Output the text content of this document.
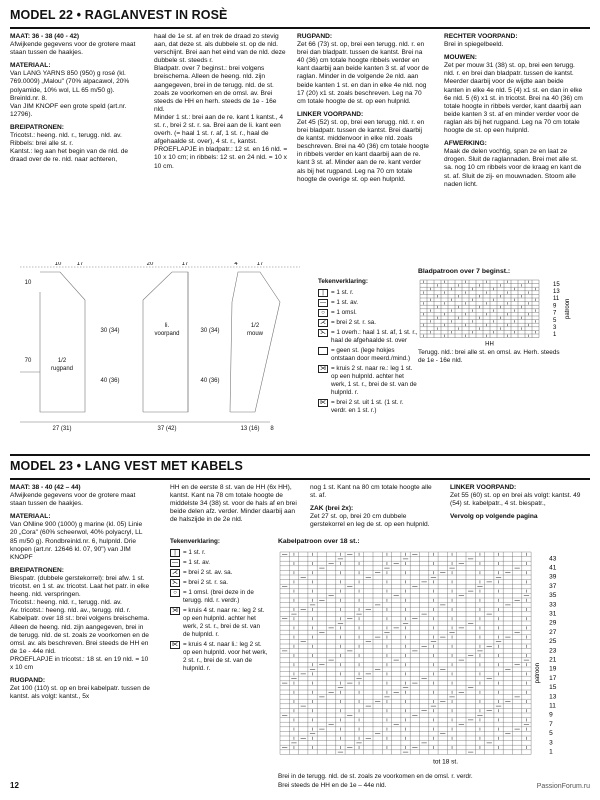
MODEL 22 • RAGLANVEST IN ROSÈ

MAAT: 36 - 38 (40 - 42)

Afwijkende gegevens voor de grotere maat staan tussen de haakjes.

MATERIAAL:

Van LANG YARNS 850 (950) g rosé (kl. 769.0009) „Malou" (70% alpacawol, 20% polyamide, 10% wol, LL 65 m/50 g). Breinld.nr. 8.

Van JIM KNOPF een grote speld (art.nr. 12796).

BREIPATRONEN:

Tricotst.: heeng. nld. r., terugg. nld. av.

Ribbels: brei alle st. r.

Kantst.: leg aan het begin van de nld. de draad over de re. nld. naar achteren,

haal de 1e st. af en trek de draad zo stevig aan, dat deze st. als dubbele st. op de nld. verschijnt. Brei aan het eind van de nld. deze dubbele st. steeds r.

Bladpatr. over 7 beginst.: brei volgens breischema. Alleen de heeng. nld. zijn aangegeven, brei in de terugg. nld. de st. zoals ze voorkomen en de omsl. av. Brei steeds de HH en herh. steeds de 1e - 16e nld.

Minder 1 st.: brei aan de re. kant 1 kantst., 4 st. r., brei 2 st. r. sa. Brei aan de li. kant een overh. (= haal 1 st. r. af, 1 st. r., haal de afgehaalde st. over), 4 st. r., kantst.

PROEFLAPJE in bladpatr.: 12 st. en 16 nld. = 10 x 10 cm; in ribbels: 12 st. en 24 nld. = 10 x 10 cm.

RUGPAND:

Zet 66 (73) st. op, brei een terugg. nld. r. en brei dan bladpatr. tussen de kantst. Brei na 40 (36) cm totale hoogte ribbels verder en kant daarbij aan beide kanten 3 st. af voor de raglan. Minder in de volgende 2e nld. aan beide kanten 1 st. en dan in elke 4e nld. nog 17 (20) x1 st. zoals beschreven. Leg na 70 cm totale hoogte de st. op een hulpnld.

LINKER VOORPAND:

Zet 45 (52) st. op, brei een terugg. nld. r. en brei bladpatr. tussen de kantst. Brei daarbij de kantst. middenvoor in elke nld. zoals beschreven. Brei na 40 (36) cm totale hoogte in ribbels verder en kant daarbij aan de re. kant 3 st. af. Minder aan de re. kant verder als bij het rugpand. Leg na 70 cm totale hoogte de overige st. op een hulpnld.

RECHTER VOORPAND:

Brei in spiegelbeeld.

MOUWEN:

Zet per mouw 31 (38) st. op, brei een terugg. nld. r. en brei dan bladpatr. tussen de kantst. Meerder daarbij voor de wijdte aan beide kanten in elke 4e nld. 5 (4) x1 st. en dan in elke 6e nld. 5 (6) x1 st. in tricotst. Brei na 40 (36) cm totale hoogte in ribbels verder, kant daarbij aan beide kanten 3 st. af en minder verder voor de raglan als bij het rugpand. Leg na 70 cm totale hoogte de st. op een hulpnld.

AFWERKING:

Maak de delen vochtig, span ze en laat ze drogen. Sluit de raglannaden. Brei met alle st. sa. nog 10 cm ribbels voor de kraag en kant de st. af. Sluit de zij- en mouwnaden. Stoom alle naden licht.

1/2
rugpand
li.
voorpand
1/2
mouw
10	17	20	17	4	17
10
70
30 (34)
40 (36)
30 (34)
40 (36)
27 (31)	37 (42)	13 (16) 8
Tekenverklaring:
|	= 1 st. r.
— = 1 st. av.
○ = 1 omsl.
⋌ = brei 2 st. r. sa.
⋋ = 1 overh.: haal 1 st. af, 1 st. r., haal de afgehaalde st. over
= geen st. (lege hokjes ontstaan door meerd./mind.)
⋊ = kruis 2 st. naar re.: leg 1 st. op een hulpnld. achter het werk, 1 st. r., brei de st. van de hulpnld. r.
⋉ = brei 2 st. uit 1 st. (1 st. r. verdr. en 1 st. r.)
Bladpatroon over 7 beginst.:
15
13
11
9
7
5
3
1
patroon
HH
Terugg. nld.: brei alle st. en omsl. av. Herh. steeds de 1e - 16e nld.
MODEL 23 • LANG VEST MET KABELS

MAAT: 38 - 40 (42 – 44)

Afwijkende gegevens voor de grotere maat staan tussen de haakjes.

MATERIAAL:

Van ONline 900 (1000) g marine (kl. 05) Linie 20 „Cora" (60% scheerwol, 40% polyacryl, LL 85 m/50 g). Rondbreinld.nr. 6, hulpnld. Drie knopen (art.nr. 12646 kl. 07, 90") van JIM KNOPF

BREIPATRONEN:

Biespatr. (dubbele gerstekorrel): brei afw. 1 st. tricotst. en 1 st. av. tricotst. Laat het patr. in elke heeng. nld. verspringen.

Tricotst.: heeng. nld. r., terugg. nld. av.

Av. tricotst.: heeng. nld. av., terugg. nld. r.

Kabelpatr. over 18 st.: brei volgens breischema. Alleen de heeng. nld. zijn aangegeven, brei in de terugg. nld. de st. zoals ze voorkomen en de omsl. av. als beschreven. Brei steeds de HH en de 1e - 44e nld.

PROEFLAPJE in tricotst.: 18 st. en 19 nld. = 10 x 10 cm

RUGPAND:

Zet 100 (110) st. op en brei kabelpatr. tussen de kantst. als volgt: kantst., 5x

HH en de eerste 8 st. van de HH (6x HH), kantst. Kant na 78 cm totale hoogte de middelste 34 (38) st. voor de hals af en brei beide delen afz. verder. Minder daarbij aan de halszijde in de 2e nld.

nog 1 st. Kant na 80 cm totale hoogte alle st. af.

ZAK (brei 2x):

Zet 27 st. op, brei 20 cm dubbele gerstekorrel en leg de st. op een hulpnld.

LINKER VOORPAND:

Zet 55 (60) st. op en brei als volgt: kantst. 49 (54) st. kabelpatr., 4 st. biespatr.,

Vervolg op volgende pagina

Tekenverklaring:
|	= 1 st. r.
— = 1 st. av.
⋌ = brei 2 st. av. sa.
⋋ = brei 2 st. r. sa.
○ = 1 omsl. (brei deze in de terugg. nld. r. verdr.)
⋊ = kruis 4 st. naar re.: leg 2 st. op een hulpnld. achter het werk, 2 st. r., brei de st. van de hulpnld. r.
⋉ = kruis 4 st. naar li.: leg 2 st. op een hulpnld. voor het werk, 2 st. r., brei de st. van de hulpnld. r.
Kabelpatroon over 18 st.:
43
41
39
37
35
33
31
29
27
25
23
21
19
17
15
13
11
9
7
5
3
1
patroon
tot 18 st.
Brei in de terugg. nld. de st. zoals ze voorkomen en de omsl. r. verdr.
Brei steeds de HH en de 1e – 44e nld.
12	PassionForum.ru
